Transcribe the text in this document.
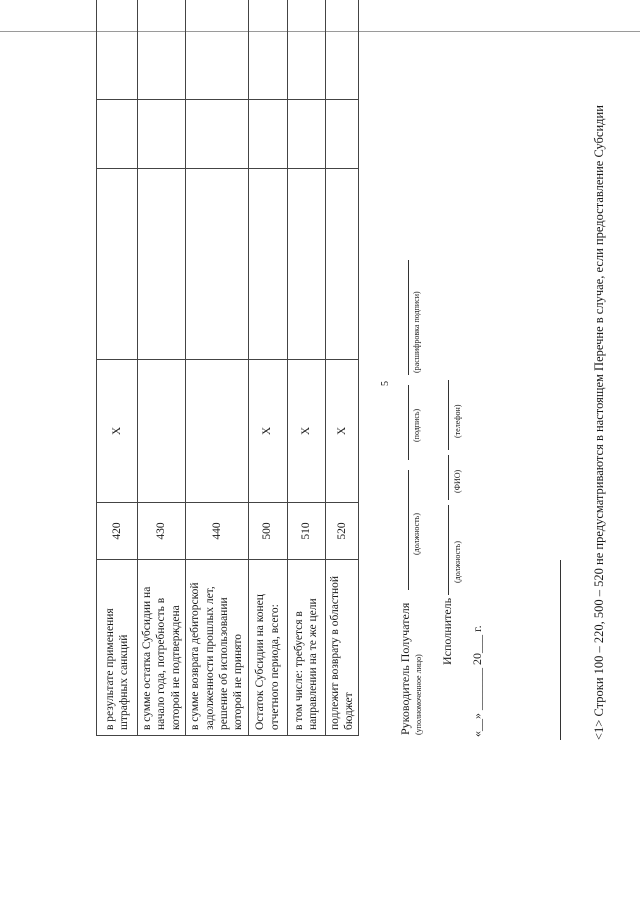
5
в результате применения штрафных санкций	420	X			
в сумме остатка Субсидии на начало года, потребность в которой не подтверждена	430				
в сумме возврата дебиторской задолженности прошлых лет, решение об использовании которой не принято	440				
Остаток Субсидии на конец отчетного периода, всего:	500	X			
в том числе: требуется в направлении на те же цели	510	X			
подлежит возврату в областной бюджет	520	X			
Руководитель Получателя (уполномоченное лицо)
(должность)
(подпись)
(расшифровка подписи)
Исполнитель
(должность)
(ФИО)
(телефон)
«__» _______ 20___ г.	<1> Строки 100 – 220, 500 – 520 не предусматриваются в настоящем Перечне в случае, если предоставление Субсидии
